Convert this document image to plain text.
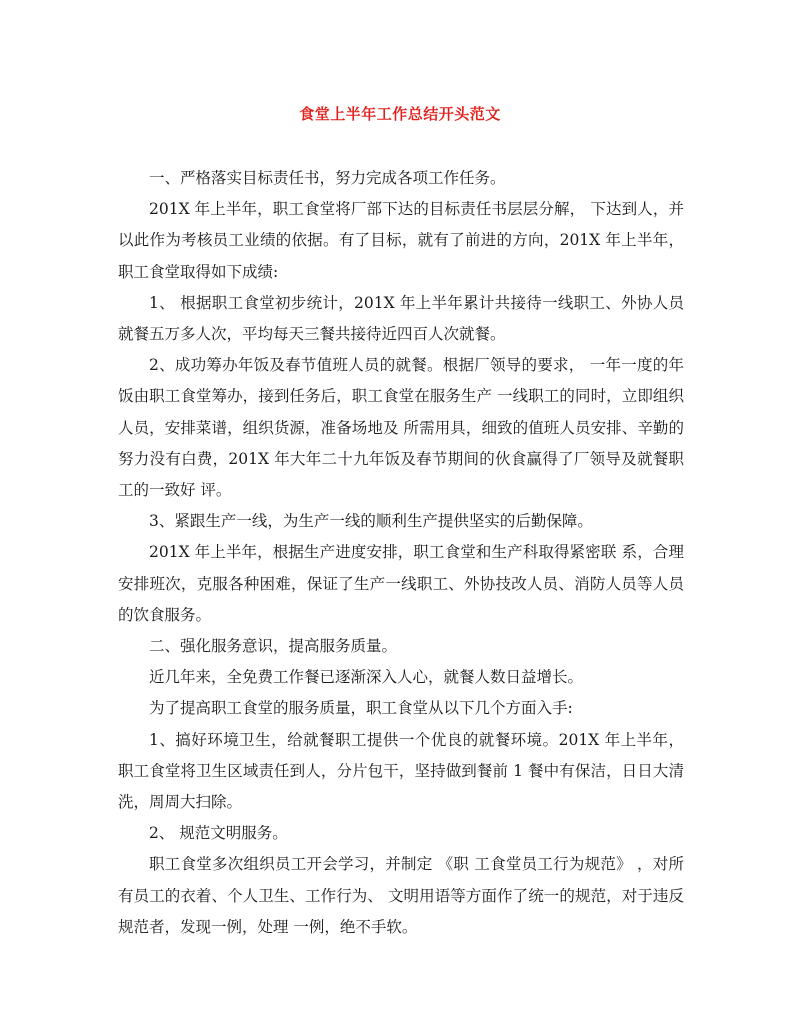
食堂上半年工作总结开头范文

一、严格落实目标责任书，努力完成各项工作任务。

201X 年上半年，职工食堂将厂部下达的目标责任书层层分解， 下达到人，并以此作为考核员工业绩的依据。有了目标，就有了前进的方向，201X 年上半年，职工食堂取得如下成绩:

1、 根据职工食堂初步统计，201X 年上半年累计共接待一线职工、外协人员就餐五万多人次，平均每天三餐共接待近四百人次就餐。

2、成功筹办年饭及春节值班人员的就餐。根据厂领导的要求， 一年一度的年饭由职工食堂筹办，接到任务后，职工食堂在服务生产 一线职工的同时，立即组织人员，安排菜谱，组织货源，准备场地及 所需用具，细致的值班人员安排、辛勤的努力没有白费，201X 年大年二十九年饭及春节期间的伙食赢得了厂领导及就餐职工的一致好 评。

3、紧跟生产一线，为生产一线的顺利生产提供坚实的后勤保障。

201X 年上半年，根据生产进度安排，职工食堂和生产科取得紧密联 系，合理安排班次，克服各种困难，保证了生产一线职工、外协技改人员、消防人员等人员的饮食服务。

二、强化服务意识，提高服务质量。

近几年来，全免费工作餐已逐渐深入人心，就餐人数日益增长。

为了提高职工食堂的服务质量，职工食堂从以下几个方面入手:

1、搞好环境卫生，给就餐职工提供一个优良的就餐环境。201X 年上半年，职工食堂将卫生区域责任到人，分片包干，坚持做到餐前 1 餐中有保洁，日日大清洗，周周大扫除。

2、 规范文明服务。

职工食堂多次组织员工开会学习，并制定 《职 工食堂员工行为规范》 ，对所有员工的衣着、个人卫生、工作行为、 文明用语等方面作了统一的规范，对于违反规范者，发现一例，处理 一例，绝不手软。
